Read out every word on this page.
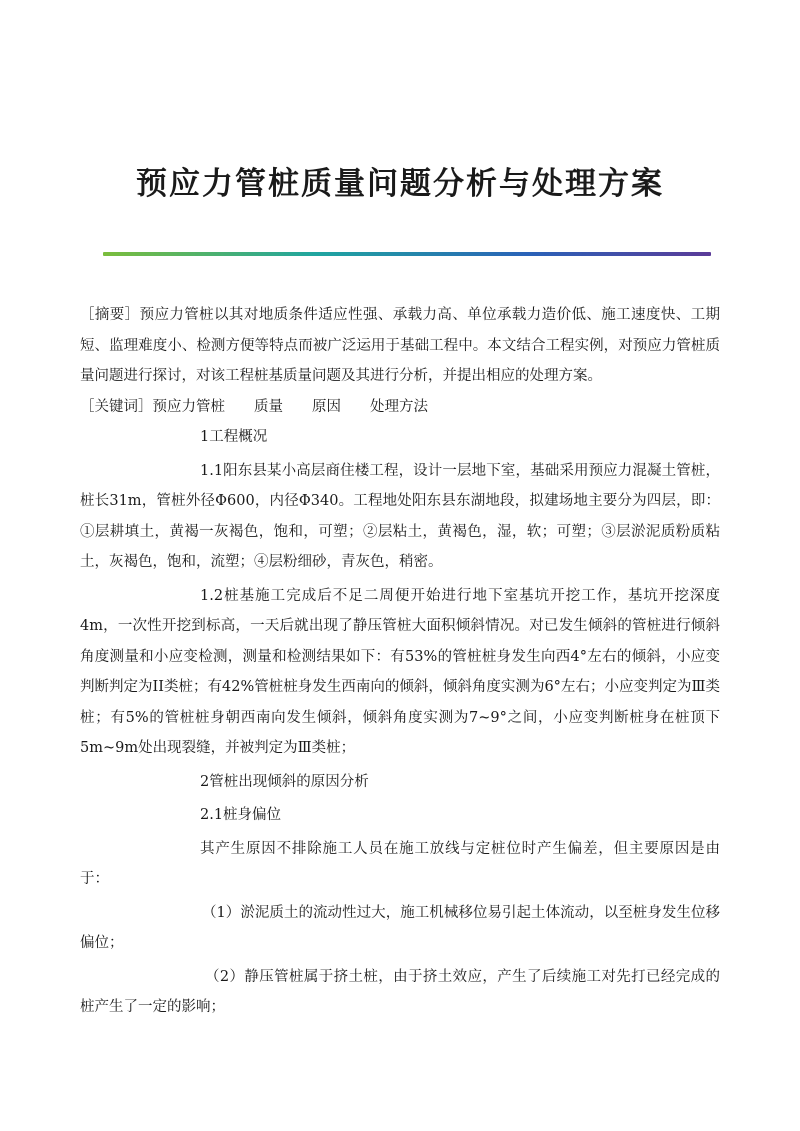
预应力管桩质量问题分析与处理方案

［摘要］预应力管桩以其对地质条件适应性强、承载力高、单位承载力造价低、施工速度快、工期短、监理难度小、检测方便等特点而被广泛运用于基础工程中。本文结合工程实例，对预应力管桩质量问题进行探讨，对该工程桩基质量问题及其进行分析，并提出相应的处理方案。

［关键词］预应力管桩　　质量　　原因　　处理方法

1工程概况

1.1阳东县某小高层商住楼工程，设计一层地下室，基础采用预应力混凝土管桩，桩长31m，管桩外径Φ600，内径Φ340。工程地处阳东县东湖地段，拟建场地主要分为四层，即：①层耕填土，黄褐一灰褐色，饱和，可塑；②层粘土，黄褐色，湿，软；可塑；③层淤泥质粉质粘土，灰褐色，饱和，流塑；④层粉细砂，青灰色，稍密。

1.2桩基施工完成后不足二周便开始进行地下室基坑开挖工作，基坑开挖深度4m，一次性开挖到标高，一天后就出现了静压管桩大面积倾斜情况。对已发生倾斜的管桩进行倾斜角度测量和小应变检测，测量和检测结果如下：有53%的管桩桩身发生向西4°左右的倾斜，小应变判断判定为II类桩；有42%管桩桩身发生西南向的倾斜，倾斜角度实测为6°左右；小应变判定为Ⅲ类桩；有5%的管桩桩身朝西南向发生倾斜，倾斜角度实测为7~9°之间，小应变判断桩身在桩顶下5m~9m处出现裂缝，并被判定为Ⅲ类桩；

2管桩出现倾斜的原因分析

2.1桩身偏位

其产生原因不排除施工人员在施工放线与定桩位时产生偏差，但主要原因是由于：

（1）淤泥质土的流动性过大，施工机械移位易引起土体流动，以至桩身发生位移偏位；

（2）静压管桩属于挤土桩，由于挤土效应，产生了后续施工对先打已经完成的桩产生了一定的影响；
